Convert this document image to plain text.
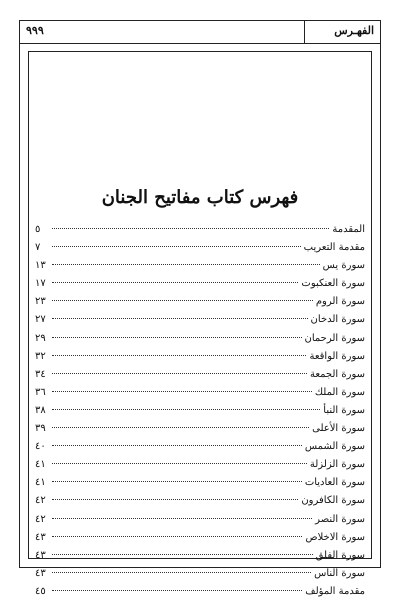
الفهـرس
٩٩٩
فهرس كتاب مفاتيح الجنان
المقدمة
٥
مقدمة التعريب
٧
سورة يس
١٣
سورة العنكبوت
١٧
سورة الروم
٢٣
سورة الدخان
٢٧
سورة الرحمان
٢٩
سورة الواقعة
٣٢
سورة الجمعة
٣٤
سورة الملك
٣٦
سورة النبأ
٣٨
سورة الأعلى
٣٩
سورة الشمس
٤٠
سورة الزلزلة
٤١
سورة العاديات
٤١
سورة الكافرون
٤٢
سورة النصر
٤٢
سورة الاخلاص
٤٣
سورة الفلق
٤٣
سورة الناس
٤٣
مقدمة المؤلف
٤٥
